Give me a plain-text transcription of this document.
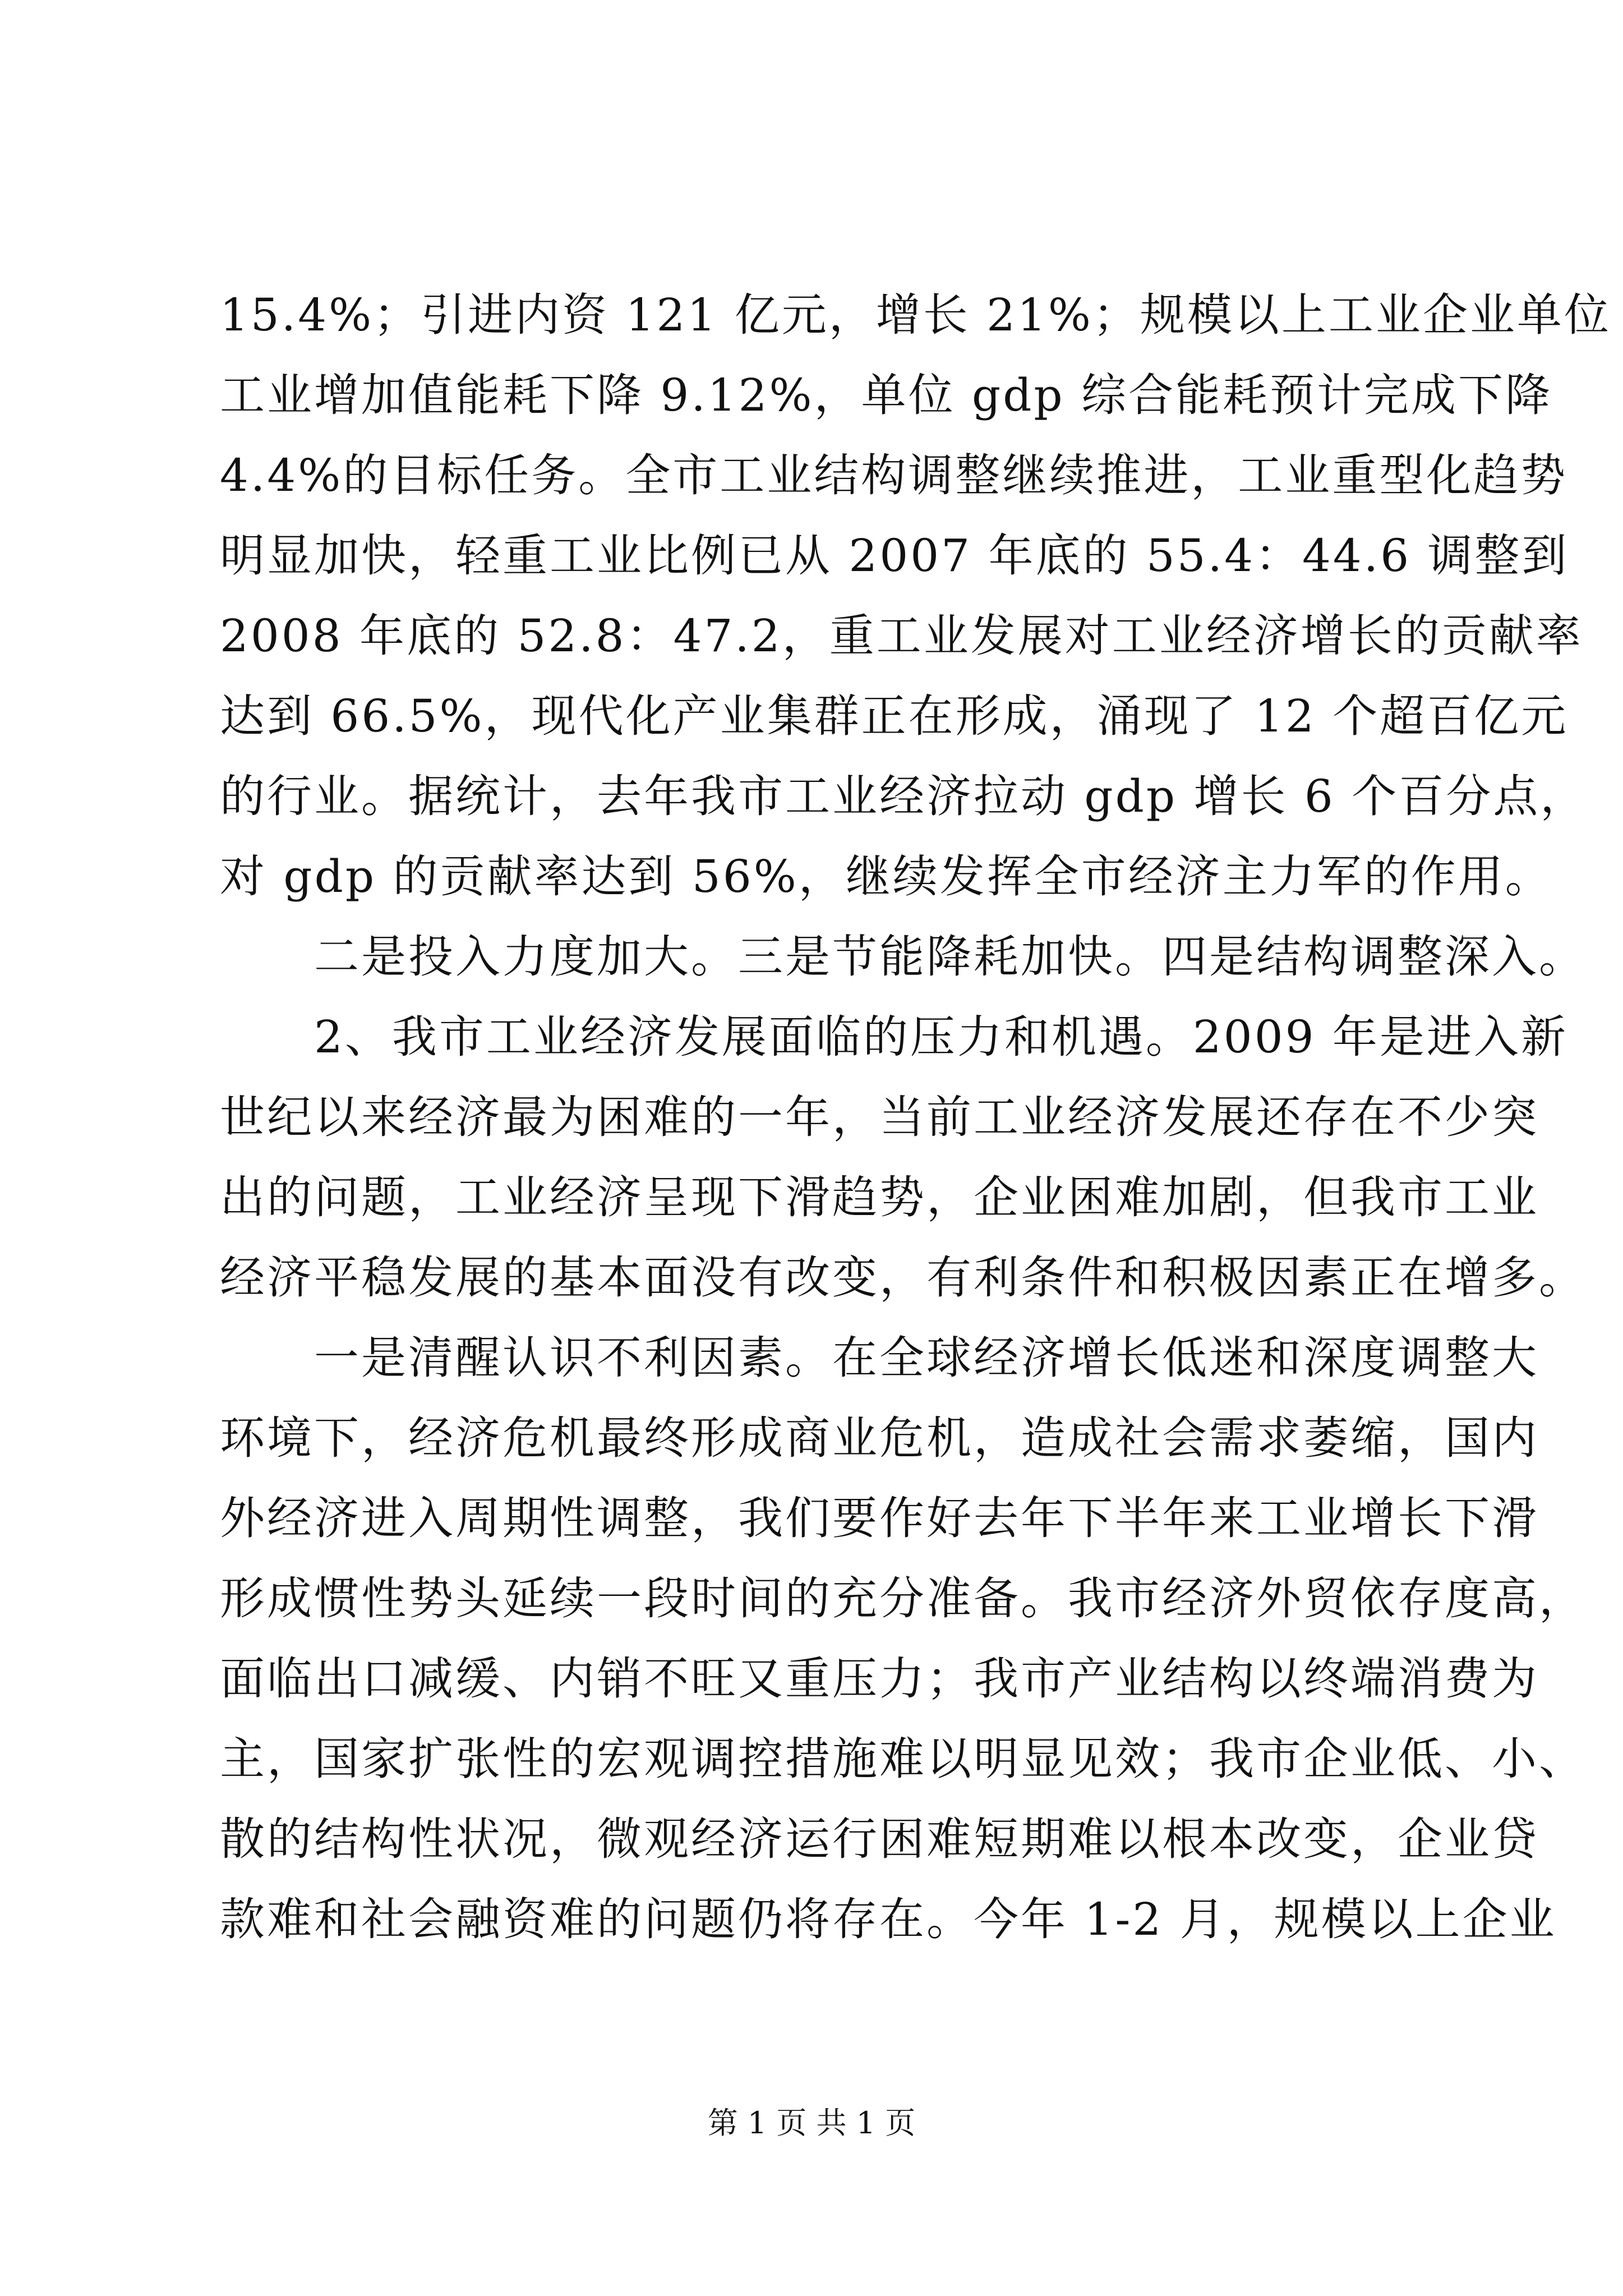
15.4%；引进内资 121 亿元，增长 21%；规模以上工业企业单位
工业增加值能耗下降 9.12%，单位 gdp 综合能耗预计完成下降
4.4%的目标任务。全市工业结构调整继续推进，工业重型化趋势
明显加快，轻重工业比例已从 2007 年底的 55.4：44.6 调整到
2008 年底的 52.8：47.2，重工业发展对工业经济增长的贡献率
达到 66.5%，现代化产业集群正在形成，涌现了 12 个超百亿元
的行业。据统计，去年我市工业经济拉动 gdp 增长 6 个百分点，
对 gdp 的贡献率达到 56%，继续发挥全市经济主力军的作用。
二是投入力度加大。三是节能降耗加快。四是结构调整深入。
2、我市工业经济发展面临的压力和机遇。2009 年是进入新
世纪以来经济最为困难的一年，当前工业经济发展还存在不少突
出的问题，工业经济呈现下滑趋势，企业困难加剧，但我市工业
经济平稳发展的基本面没有改变，有利条件和积极因素正在增多。
一是清醒认识不利因素。在全球经济增长低迷和深度调整大
环境下，经济危机最终形成商业危机，造成社会需求萎缩，国内
外经济进入周期性调整，我们要作好去年下半年来工业增长下滑
形成惯性势头延续一段时间的充分准备。我市经济外贸依存度高，
面临出口减缓、内销不旺又重压力；我市产业结构以终端消费为
主，国家扩张性的宏观调控措施难以明显见效；我市企业低、小、
散的结构性状况，微观经济运行困难短期难以根本改变，企业贷
款难和社会融资难的问题仍将存在。今年 1-2 月，规模以上企业
第 1 页 共 1 页
